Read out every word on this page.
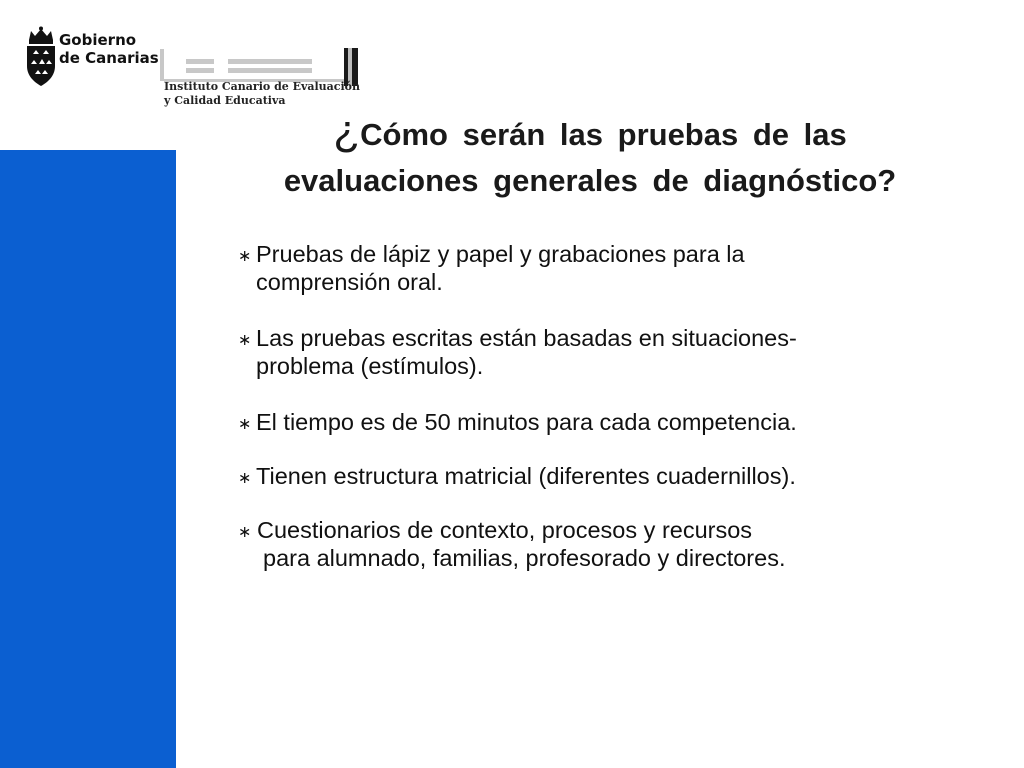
Gobierno
de Canarias
Instituto Canario de Evaluación
y Calidad Educativa
¿Cómo serán las pruebas de las
evaluaciones generales de diagnóstico?
∗ Pruebas de lápiz y papel y grabaciones para la
comprensión oral.
∗ Las pruebas escritas están basadas en situaciones-
problema (estímulos).
∗ El tiempo es de 50 minutos para cada competencia.
∗ Tienen estructura matricial (diferentes cuadernillos).
∗ Cuestionarios de contexto, procesos y recursos
para alumnado, familias, profesorado y directores.
